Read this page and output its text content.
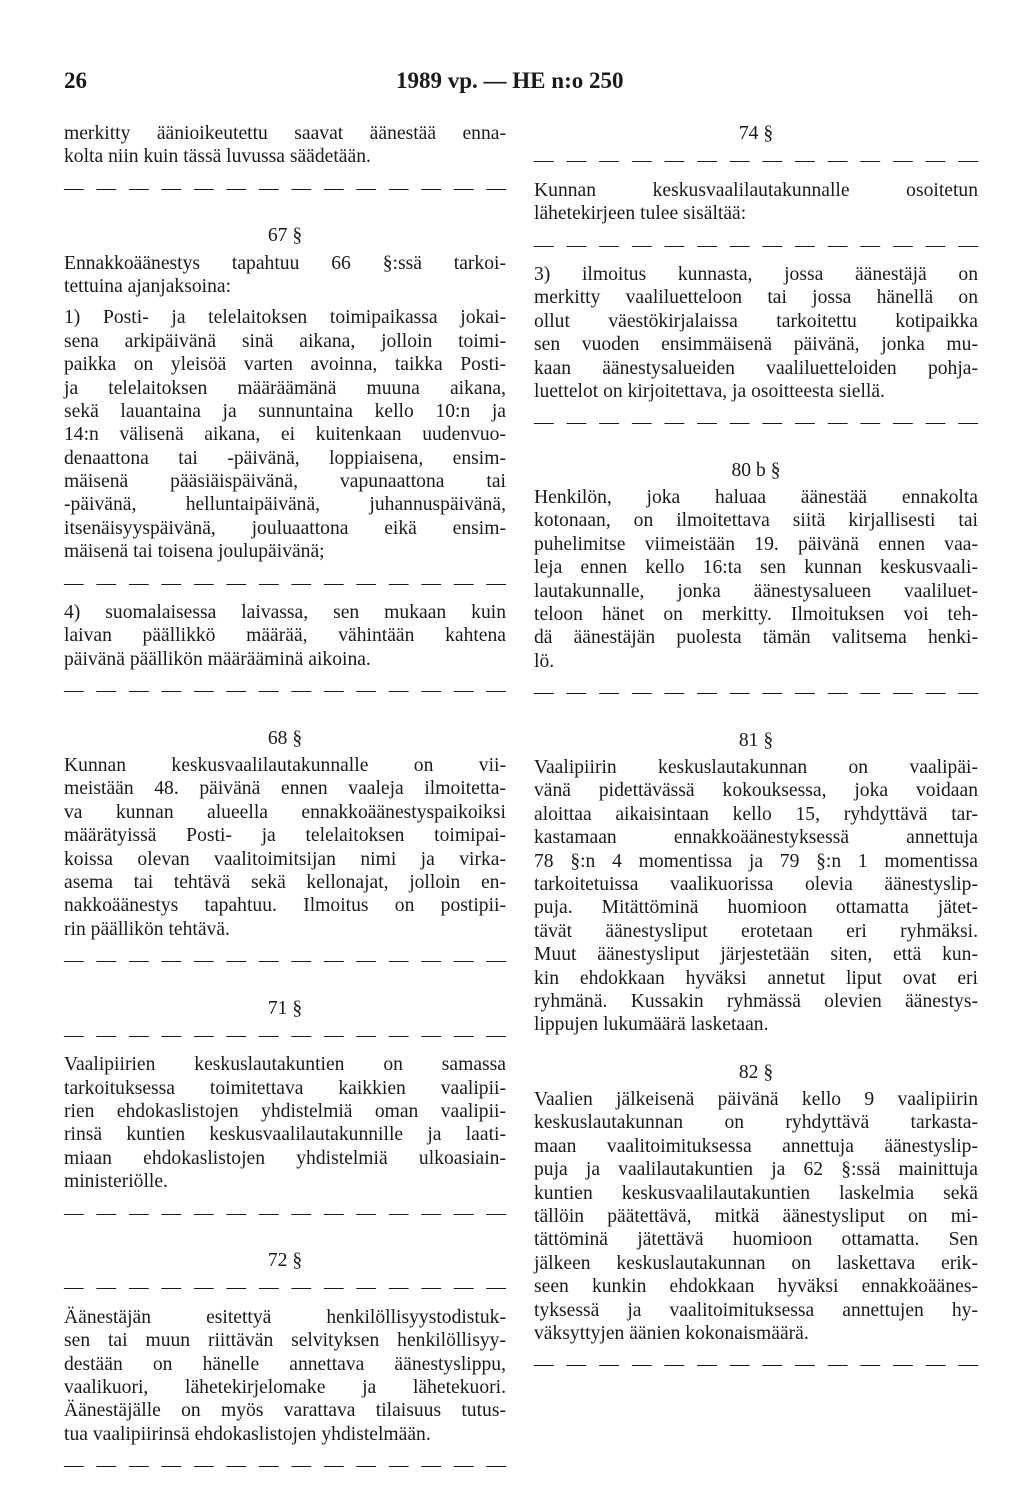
26	1989 vp. — HE n:o 250
merkitty äänioikeutettu saavat äänestää enna-
kolta niin kuin tässä luvussa säädetään.
— — — — — — — — — — — — — —
67 §
Ennakkoäänestys tapahtuu 66 §:ssä tarkoi-
tettuina ajanjaksoina:
1) Posti- ja telelaitoksen toimipaikassa jokai-
sena arkipäivänä sinä aikana, jolloin toimi-
paikka on yleisöä varten avoinna, taikka Posti-
ja telelaitoksen määräämänä muuna aikana,
sekä lauantaina ja sunnuntaina kello 10:n ja
14:n välisenä aikana, ei kuitenkaan uudenvuo-
denaattona tai -päivänä, loppiaisena, ensim-
mäisenä pääsiäispäivänä, vapunaattona tai
-päivänä, helluntaipäivänä, juhannuspäivänä,
itsenäisyyspäivänä, jouluaattona eikä ensim-
mäisenä tai toisena joulupäivänä;
— — — — — — — — — — — — — —
4) suomalaisessa laivassa, sen mukaan kuin
laivan päällikkö määrää, vähintään kahtena
päivänä päällikön määrääminä aikoina.
— — — — — — — — — — — — — —
68 §
Kunnan keskusvaalilautakunnalle on vii-
meistään 48. päivänä ennen vaaleja ilmoitetta-
va kunnan alueella ennakkoäänestyspaikoiksi
määrätyissä Posti- ja telelaitoksen toimipai-
koissa olevan vaalitoimitsijan nimi ja virka-
asema tai tehtävä sekä kellonajat, jolloin en-
nakkoäänestys tapahtuu. Ilmoitus on postipii-
rin päällikön tehtävä.
— — — — — — — — — — — — — —
71 §
— — — — — — — — — — — — — —
Vaalipiirien keskuslautakuntien on samassa
tarkoituksessa toimitettava kaikkien vaalipii-
rien ehdokaslistojen yhdistelmiä oman vaalipii-
rinsä kuntien keskusvaalilautakunnille ja laati-
miaan ehdokaslistojen yhdistelmiä ulkoasiain-
ministeriölle.
— — — — — — — — — — — — — —
72 §
— — — — — — — — — — — — — —
Äänestäjän esitettyä henkilöllisyystodistuk-
sen tai muun riittävän selvityksen henkilöllisyy-
destään on hänelle annettava äänestyslippu,
vaalikuori, lähetekirjelomake ja lähetekuori.
Äänestäjälle on myös varattava tilaisuus tutus-
tua vaalipiirinsä ehdokaslistojen yhdistelmään.
— — — — — — — — — — — — — —
74 §
— — — — — — — — — — — — — —
Kunnan keskusvaalilautakunnalle osoitetun
lähetekirjeen tulee sisältää:
— — — — — — — — — — — — — —
3) ilmoitus kunnasta, jossa äänestäjä on
merkitty vaaliluetteloon tai jossa hänellä on
ollut väestökirjalaissa tarkoitettu kotipaikka
sen vuoden ensimmäisenä päivänä, jonka mu-
kaan äänestysalueiden vaaliluetteloiden pohja-
luettelot on kirjoitettava, ja osoitteesta siellä.
— — — — — — — — — — — — — —
80 b §
Henkilön, joka haluaa äänestää ennakolta
kotonaan, on ilmoitettava siitä kirjallisesti tai
puhelimitse viimeistään 19. päivänä ennen vaa-
leja ennen kello 16:ta sen kunnan keskusvaali-
lautakunnalle, jonka äänestysalueen vaaliluet-
teloon hänet on merkitty. Ilmoituksen voi teh-
dä äänestäjän puolesta tämän valitsema henki-
lö.
— — — — — — — — — — — — — —
81 §
Vaalipiirin keskuslautakunnan on vaalipäi-
vänä pidettävässä kokouksessa, joka voidaan
aloittaa aikaisintaan kello 15, ryhdyttävä tar-
kastamaan ennakkoäänestyksessä annettuja
78 §:n 4 momentissa ja 79 §:n 1 momentissa
tarkoitetuissa vaalikuorissa olevia äänestyslip-
puja. Mitättöminä huomioon ottamatta jätet-
tävät äänestysliput erotetaan eri ryhmäksi.
Muut äänestysliput järjestetään siten, että kun-
kin ehdokkaan hyväksi annetut liput ovat eri
ryhmänä. Kussakin ryhmässä olevien äänestys-
lippujen lukumäärä lasketaan.
82 §
Vaalien jälkeisenä päivänä kello 9 vaalipiirin
keskuslautakunnan on ryhdyttävä tarkasta-
maan vaalitoimituksessa annettuja äänestyslip-
puja ja vaalilautakuntien ja 62 §:ssä mainittuja
kuntien keskusvaalilautakuntien laskelmia sekä
tällöin päätettävä, mitkä äänestysliput on mi-
tättöminä jätettävä huomioon ottamatta. Sen
jälkeen keskuslautakunnan on laskettava erik-
seen kunkin ehdokkaan hyväksi ennakkoäänes-
tyksessä ja vaalitoimituksessa annettujen hy-
väksyttyjen äänien kokonaismäärä.
— — — — — — — — — — — — — —
